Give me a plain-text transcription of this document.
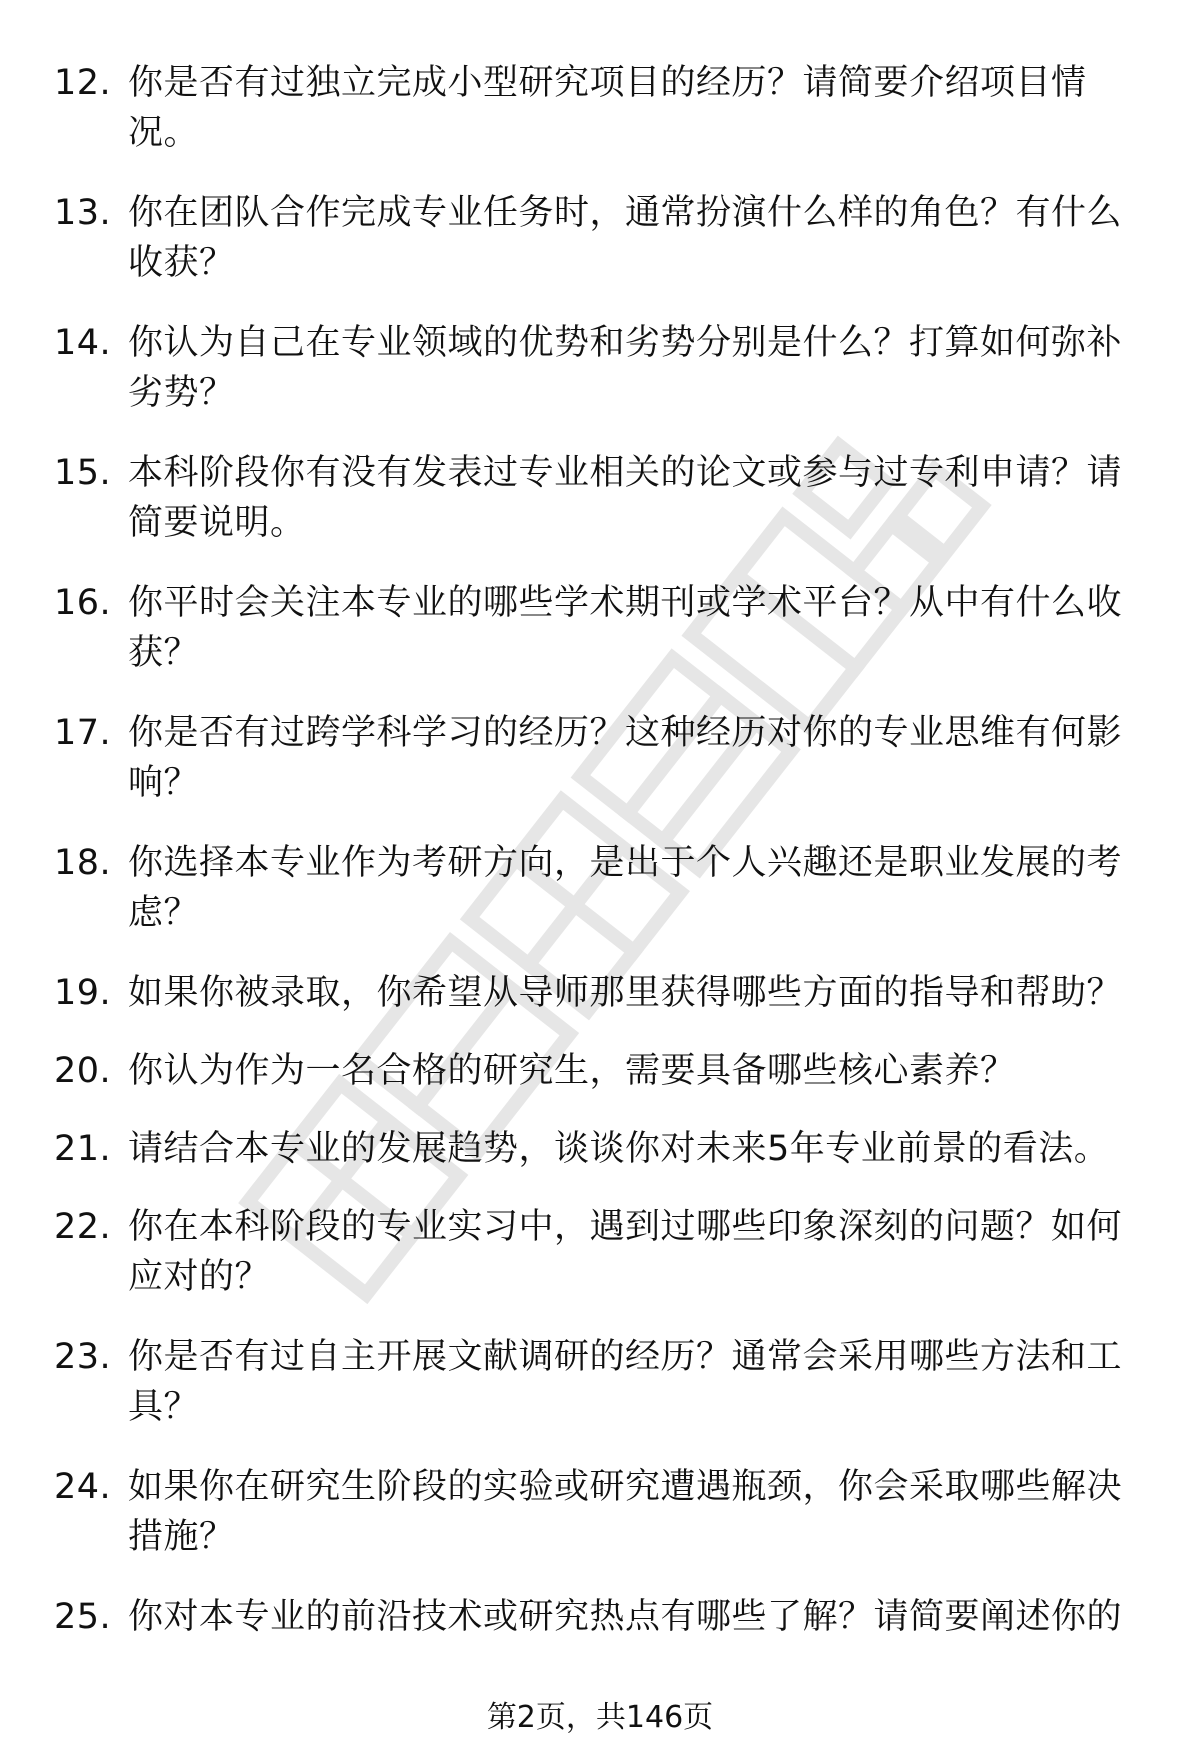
12. 你是否有过独立完成小型研究项目的经历？请简要介绍项目情况。
13. 你在团队合作完成专业任务时，通常扮演什么样的角色？有什么收获？
14. 你认为自己在专业领域的优势和劣势分别是什么？打算如何弥补劣势？
15. 本科阶段你有没有发表过专业相关的论文或参与过专利申请？请简要说明。
16. 你平时会关注本专业的哪些学术期刊或学术平台？从中有什么收获？
17. 你是否有过跨学科学习的经历？这种经历对你的专业思维有何影响？
18. 你选择本专业作为考研方向，是出于个人兴趣还是职业发展的考虑？
19. 如果你被录取，你希望从导师那里获得哪些方面的指导和帮助？
20. 你认为作为一名合格的研究生，需要具备哪些核心素养？
21. 请结合本专业的发展趋势，谈谈你对未来5年专业前景的看法。
22. 你在本科阶段的专业实习中，遇到过哪些印象深刻的问题？如何应对的？
23. 你是否有过自主开展文献调研的经历？通常会采用哪些方法和工具？
24. 如果你在研究生阶段的实验或研究遭遇瓶颈，你会采取哪些解决措施？
25. 你对本专业的前沿技术或研究热点有哪些了解？请简要阐述你的
第2页，共146页
